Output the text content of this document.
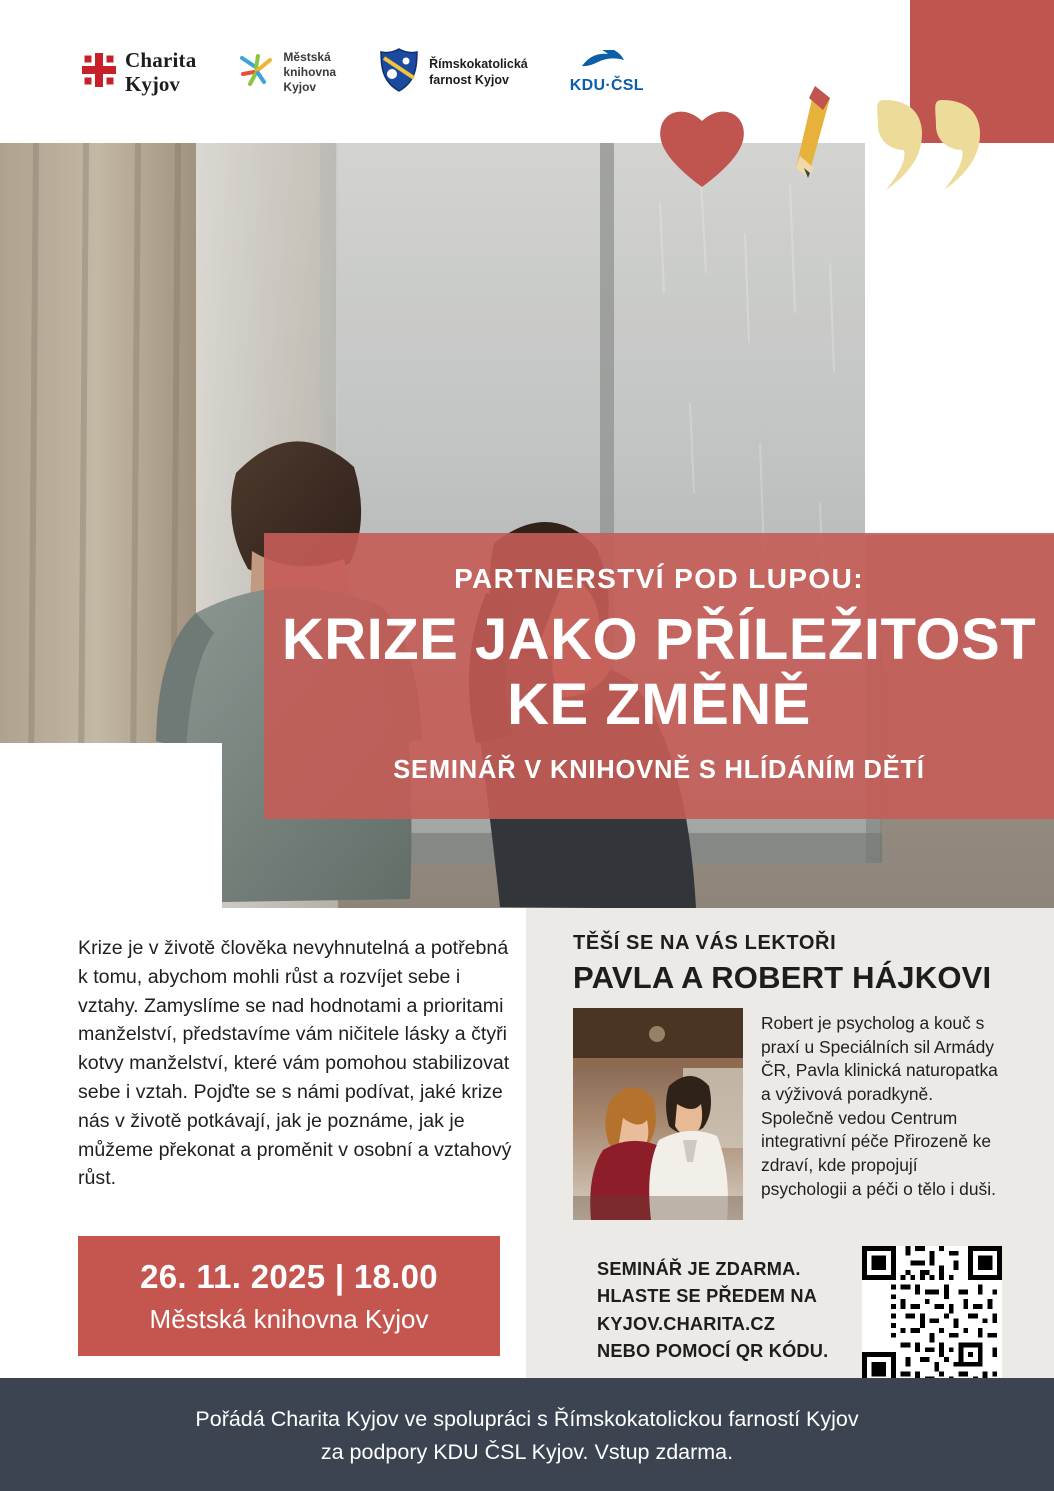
Charita
Kyjov
Městská
knihovna
Kyjov
Římskokatolická
farnost Kyjov	KDU·ČSL
PARTNERSTVÍ POD LUPOU:
KRIZE JAKO PŘÍLEŽITOST
KE ZMĚNĚ
SEMINÁŘ V KNIHOVNĚ S HLÍDÁNÍM DĚTÍ
Krize je v životě člověka nevyhnutelná a potřebná k tomu, abychom mohli růst a rozvíjet sebe i vztahy. Zamyslíme se nad hodnotami a prioritami manželství, představíme vám ničitele lásky a čtyři kotvy manželství, které vám pomohou stabilizovat sebe i vztah. Pojďte se s námi podívat, jaké krize nás v životě potkávají, jak je poznáme, jak je můžeme překonat a proměnit v osobní a vztahový růst.
26. 11. 2025 | 18.00
Městská knihovna Kyjov
TĚŠÍ SE NA VÁS LEKTOŘI
PAVLA A ROBERT HÁJKOVI
Robert je psycholog a kouč s praxí u Speciálních sil Armády ČR, Pavla klinická naturopatka a výživová poradkyně. Společně vedou Centrum integrativní péče Přirozeně ke zdraví, kde propojují psychologii a péči o tělo i duši.
SEMINÁŘ JE ZDARMA.
HLASTE SE PŘEDEM NA
KYJOV.CHARITA.CZ
NEBO POMOCÍ QR KÓDU.
Pořádá Charita Kyjov ve spolupráci s Římskokatolickou farností Kyjov
za podpory KDU ČSL Kyjov. Vstup zdarma.
